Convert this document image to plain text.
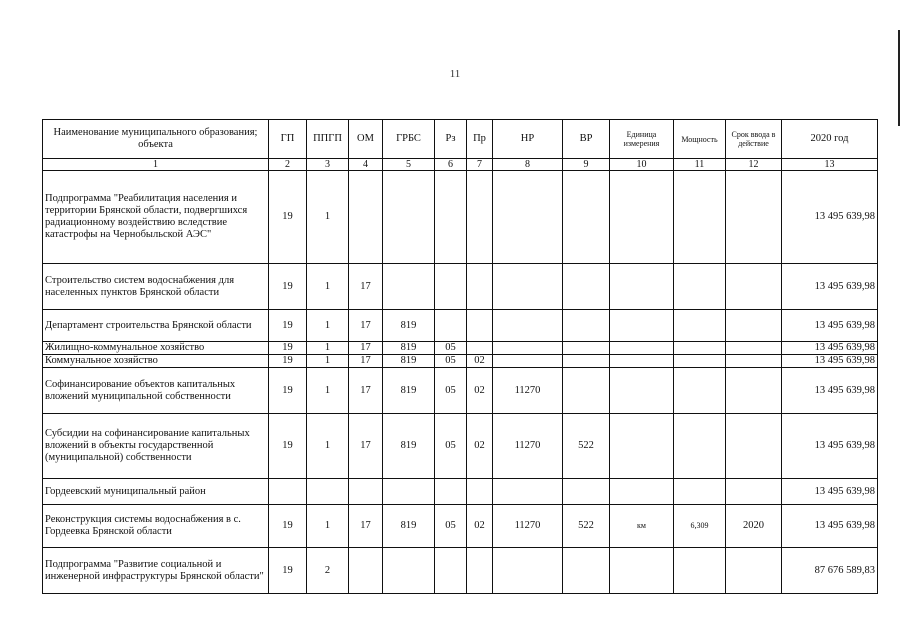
11
Наименование муниципального образования; объекта	ГП	ППГП	ОМ	ГРБС	Рз	Пр	НР	ВР	Единица измерения	Мощность	Срок ввода в действие	2020 год
1	2	3	4	5	6	7	8	9	10	11	12	13
Подпрограмма "Реабилитация населения и территории Брянской области, подвергшихся радиационному воздействию вследствие катастрофы на Чернобыльской АЭС"	19	1										13 495 639,98
Строительство систем водоснабжения для населенных пунктов Брянской области	19	1	17									13 495 639,98
Департамент строительства Брянской области	19	1	17	819								13 495 639,98
Жилищно-коммунальное хозяйство	19	1	17	819	05							13 495 639,98
Коммунальное хозяйство	19	1	17	819	05	02						13 495 639,98
Софинансирование объектов капитальных вложений муниципальной собственности	19	1	17	819	05	02	11270					13 495 639,98
Субсидии на софинансирование капитальных вложений в объекты государственной (муниципальной) собственности	19	1	17	819	05	02	11270	522				13 495 639,98
Гордеевский муниципальный район												13 495 639,98
Реконструкция системы водоснабжения в с. Гордеевка Брянской области	19	1	17	819	05	02	11270	522	км	6,309	2020	13 495 639,98
Подпрограмма "Развитие социальной и инженерной инфраструктуры Брянской области"	19	2										87 676 589,83
